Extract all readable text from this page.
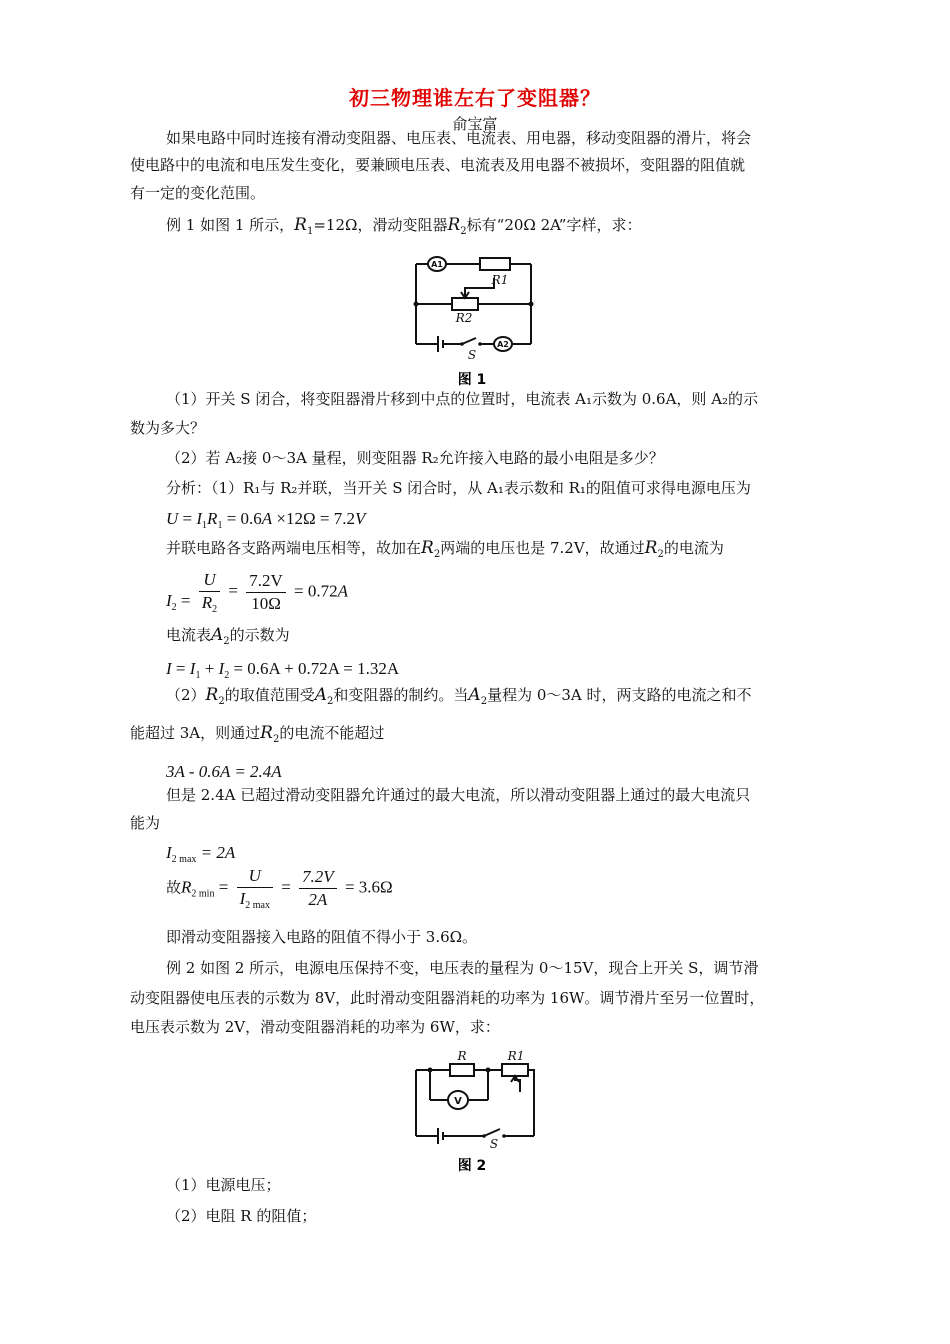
初三物理谁左右了变阻器？
俞宝富
如果电路中同时连接有滑动变阻器、电压表、电流表、用电器，移动变阻器的滑片，将会
使电路中的电流和电压发生变化，要兼顾电压表、电流表及用电器不被损坏，变阻器的阻值就
有一定的变化范围。
例 1 如图 1 所示，$R_1=12\Omega$，滑动变阻器$R_2$标有“20Ω 2A”字样，求：
A1
A2
R1
R2
S
图 1
（1）开关 S 闭合，将变阻器滑片移到中点的位置时，电流表 A₁示数为 0.6A，则 A₂的示
数为多大？
（2）若 A₂接 0～3A 量程，则变阻器 R₂允许接入电路的最小电阻是多少？
分析：（1）R₁与 R₂并联，当开关 S 闭合时，从 A₁表示数和 R₁的阻值可求得电源电压为
$U = I_1R_1 = 0.6A \times 12\Omega = 7.2V$
并联电路各支路两端电压相等，故加在$R_2$两端的电压也是 7.2V，故通过$R_2$的电流为
$I_2 = \frac{U}{R_2} = \frac{7.2V}{10\Omega} = 0.72A$
电流表$A_2$的示数为
$I = I_1 + I_2 = 0.6A + 0.72A = 1.32A$
$(2)R_2$的取值范围受$A_2$和变阻器的制约。当$A_2$量程为 0～3A 时，两支路的电流之和不
能超过 3A，则通过$R_2$的电流不能超过
3A - 0.6A = 2.4A
但是 2.4A 已超过滑动变阻器允许通过的最大电流，所以滑动变阻器上通过的最大电流只
能为
$I_{2 max} = 2A$
故$R_{2 min} = \frac{U}{I_{2 max}} = \frac{7.2V}{2A} = 3.6\Omega$
即滑动变阻器接入电路的阻值不得小于 3.6Ω。
例 2 如图 2 所示，电源电压保持不变，电压表的量程为 0～15V，现合上开关 S，调节滑
动变阻器使电压表的示数为 8V，此时滑动变阻器消耗的功率为 16W。调节滑片至另一位置时，
电压表示数为 2V，滑动变阻器消耗的功率为 6W，求：
R	R1
S
V
图 2
（1）电源电压；
（2）电阻 R 的阻值；
